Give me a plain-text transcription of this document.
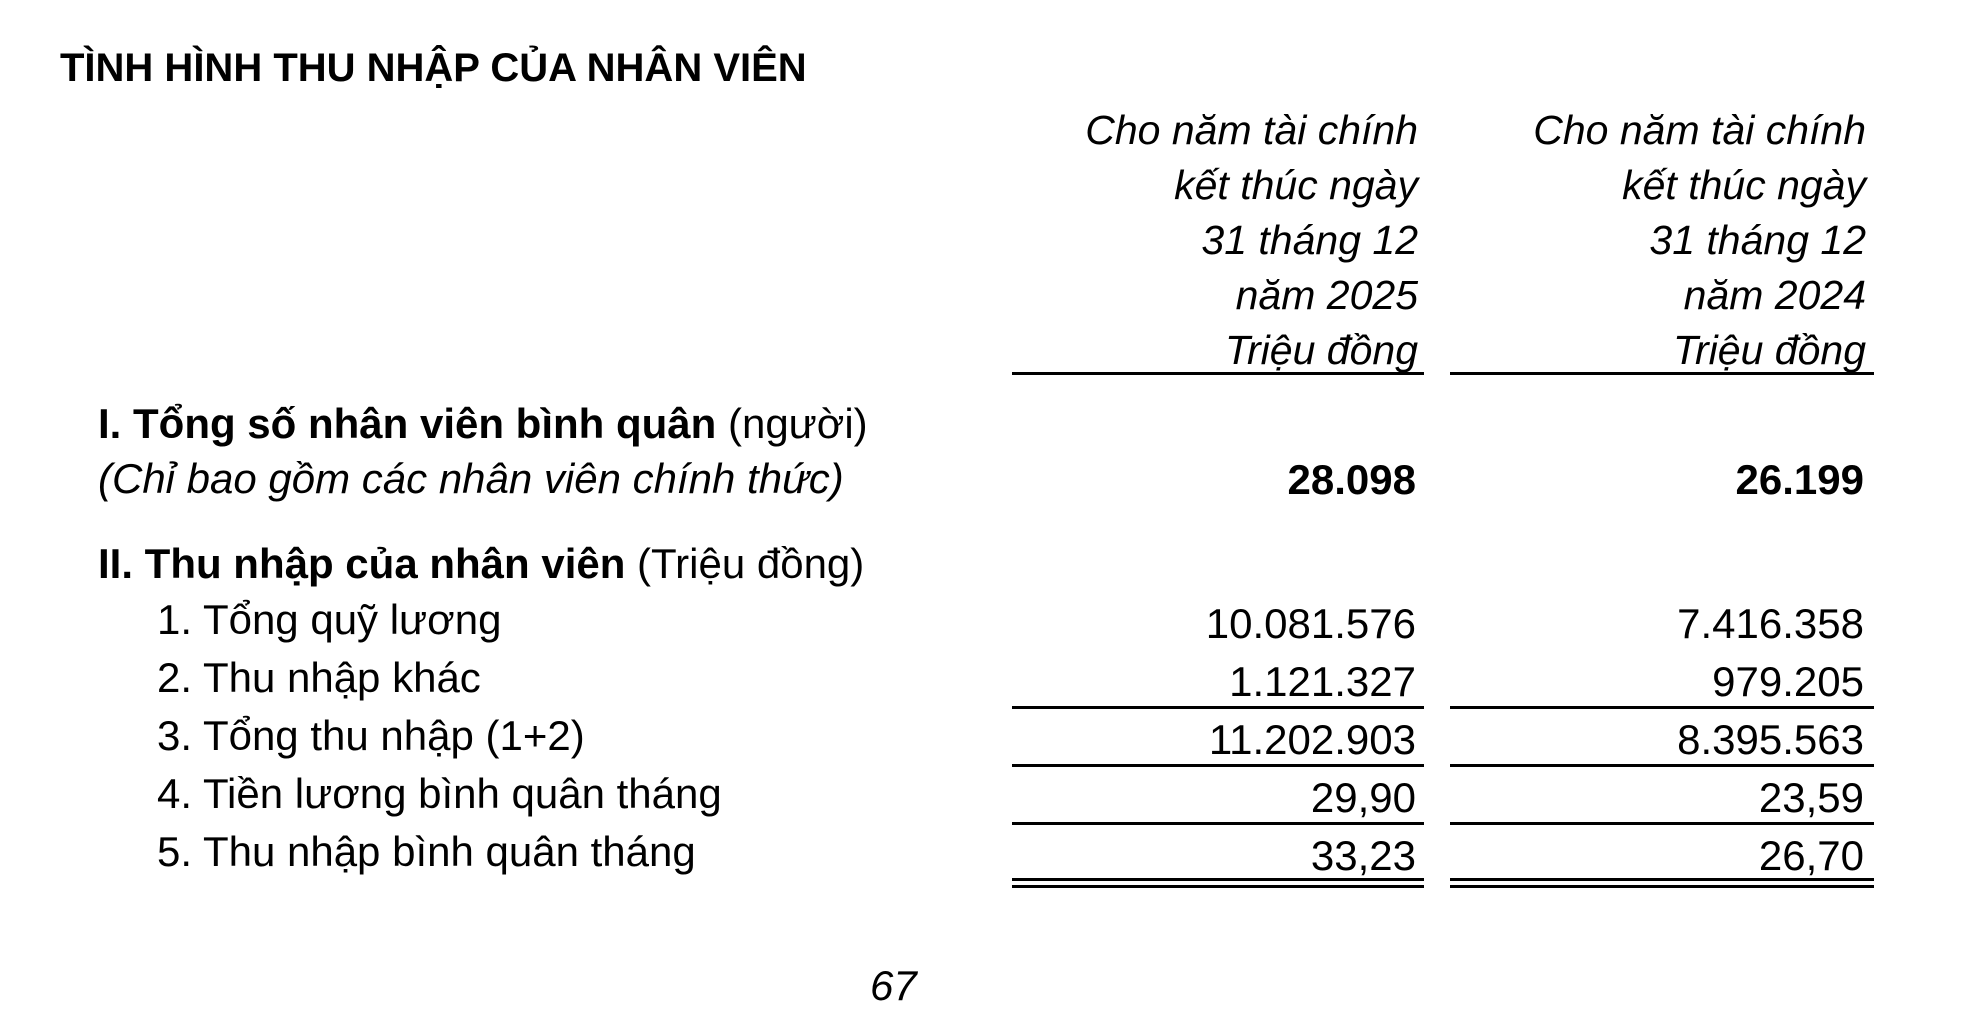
TÌNH HÌNH THU NHẬP CỦA NHÂN VIÊN
Cho năm tài chính
kết thúc ngày
31 tháng 12
năm 2025
Triệu đồng
Cho năm tài chính
kết thúc ngày
31 tháng 12
năm 2024
Triệu đồng
I. Tổng số nhân viên bình quân (người)
(Chỉ bao gồm các nhân viên chính thức)	28.098	26.199
II. Thu nhập của nhân viên (Triệu đồng)
1. Tổng quỹ lương	10.081.576	7.416.358
2. Thu nhập khác	1.121.327	979.205
3. Tổng thu nhập (1+2)	11.202.903	8.395.563
4. Tiền lương bình quân tháng	29,90	23,59
5. Thu nhập bình quân tháng	33,23	26,70
67
